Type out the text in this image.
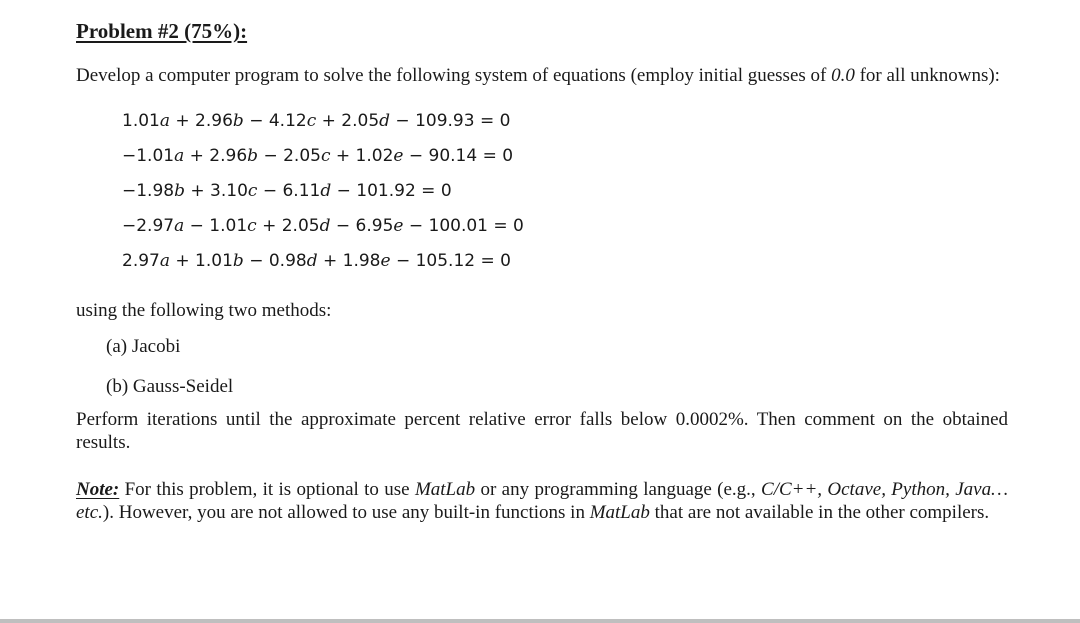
Problem #2 (75%):

Develop a computer program to solve the following system of equations (employ initial guesses of 0.0 for all unknowns):

1.01a + 2.96b − 4.12c + 2.05d − 109.93 = 0
−1.01a + 2.96b − 2.05c + 1.02e − 90.14 = 0
−1.98b + 3.10c − 6.11d − 101.92 = 0
−2.97a − 1.01c + 2.05d − 6.95e − 100.01 = 0
2.97a + 1.01b − 0.98d + 1.98e − 105.12 = 0

using the following two methods:

(a) Jacobi
(b) Gauss-Seidel

Perform iterations until the approximate percent relative error falls below 0.0002%. Then comment on the obtained results.

Note: For this problem, it is optional to use MatLab or any programming language (e.g., C/C++, Octave, Python, Java…etc.). However, you are not allowed to use any built-in functions in MatLab that are not available in the other compilers.
